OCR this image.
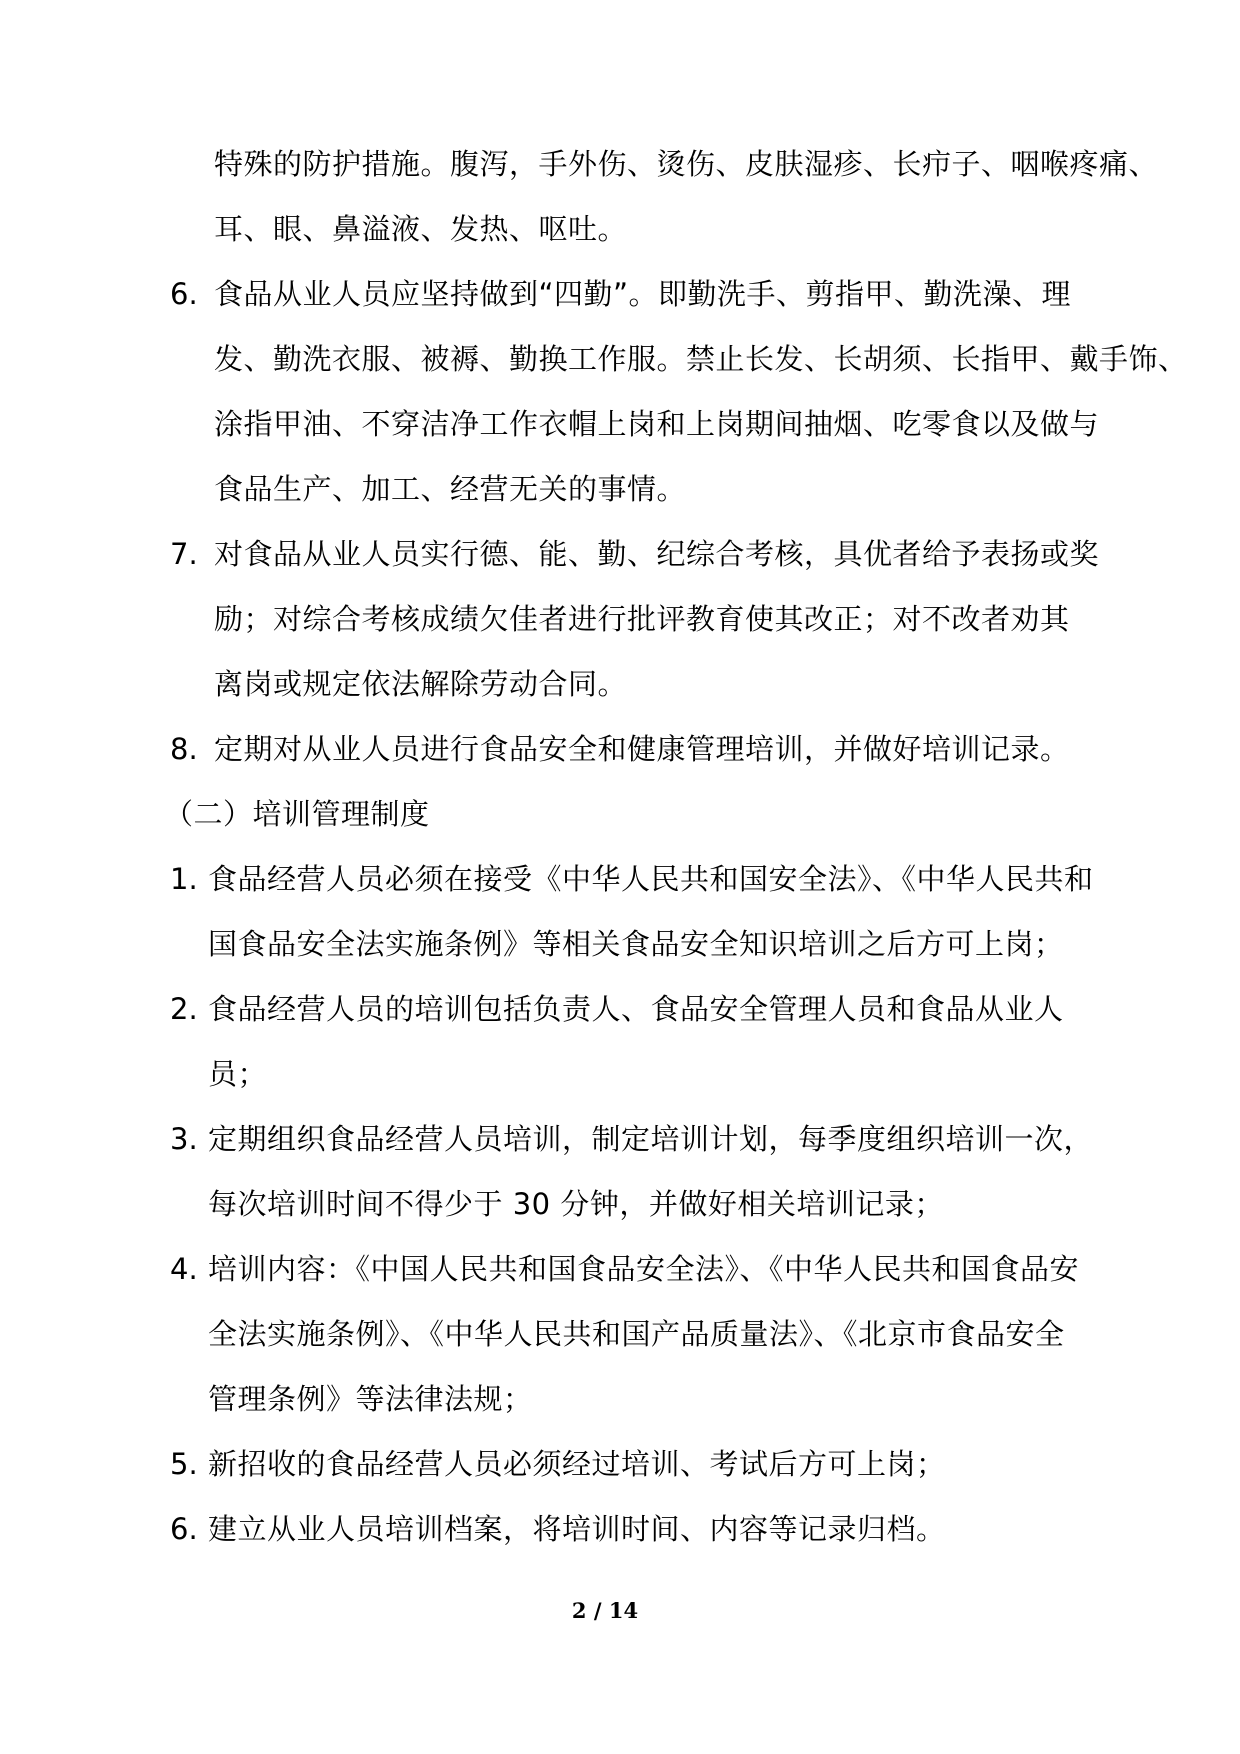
特殊的防护措施。腹泻，手外伤、烫伤、皮肤湿疹、长疖子、咽喉疼痛、
耳、眼、鼻溢液、发热、呕吐。
6. 食品从业人员应坚持做到“四勤”。即勤洗手、剪指甲、勤洗澡、理
发、勤洗衣服、被褥、勤换工作服。禁止长发、长胡须、长指甲、戴手饰、
涂指甲油、不穿洁净工作衣帽上岗和上岗期间抽烟、吃零食以及做与
食品生产、加工、经营无关的事情。
7. 对食品从业人员实行德、能、勤、纪综合考核，具优者给予表扬或奖
励；对综合考核成绩欠佳者进行批评教育使其改正；对不改者劝其
离岗或规定依法解除劳动合同。
8. 定期对从业人员进行食品安全和健康管理培训，并做好培训记录。
（二）培训管理制度
1. 食品经营人员必须在接受《中华人民共和国安全法》、《中华人民共和
国食品安全法实施条例》等相关食品安全知识培训之后方可上岗；
2. 食品经营人员的培训包括负责人、食品安全管理人员和食品从业人
员；
3. 定期组织食品经营人员培训，制定培训计划，每季度组织培训一次，
每次培训时间不得少于 30 分钟，并做好相关培训记录；
4. 培训内容：《中国人民共和国食品安全法》、《中华人民共和国食品安
全法实施条例》、《中华人民共和国产品质量法》、《北京市食品安全
管理条例》等法律法规；
5. 新招收的食品经营人员必须经过培训、考试后方可上岗；
6. 建立从业人员培训档案，将培训时间、内容等记录归档。
2 / 14
